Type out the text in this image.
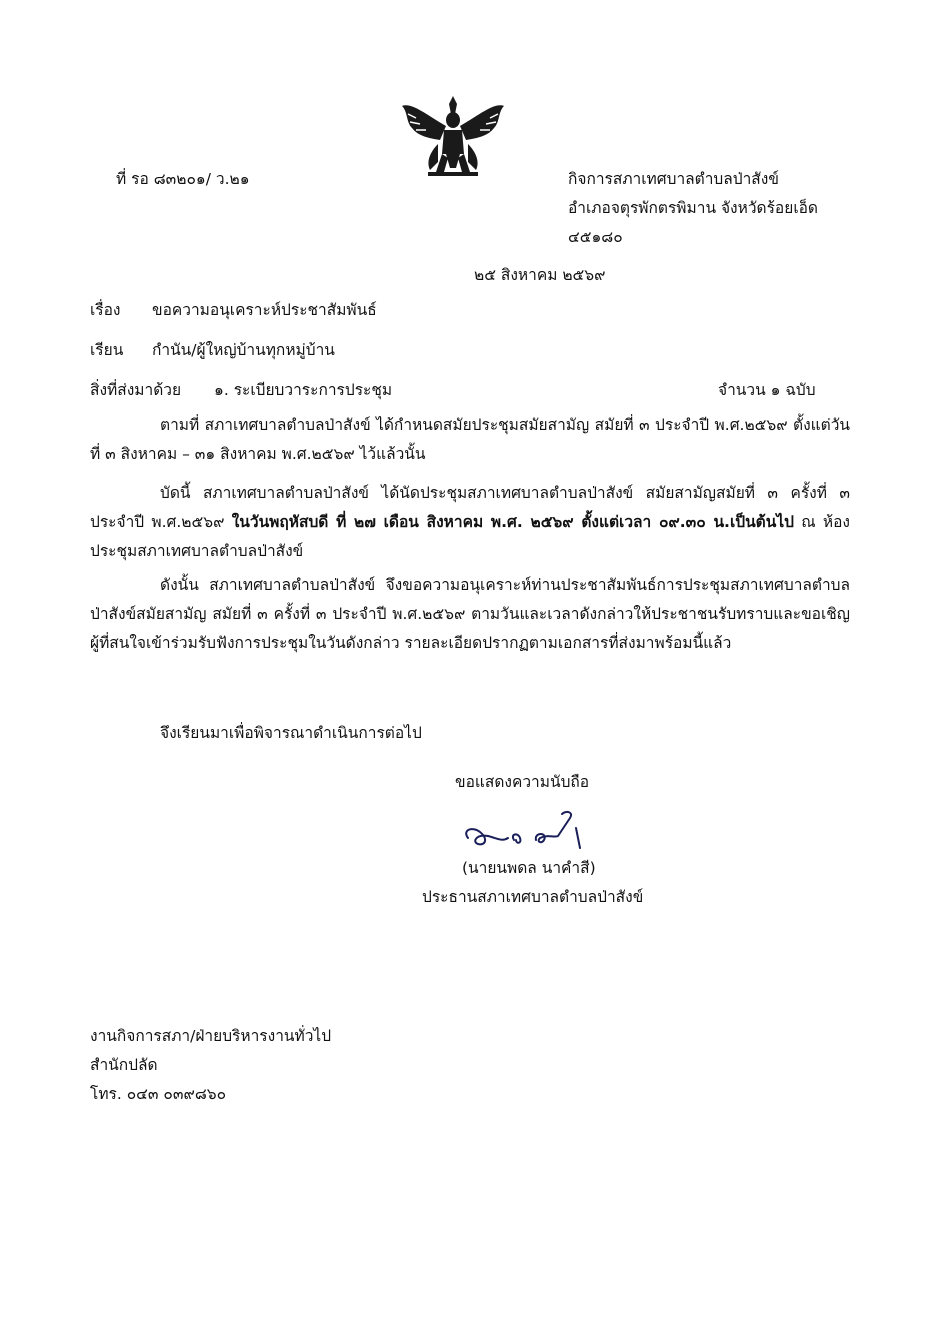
ที่ รอ ๘๓๒๐๑/ ว.๒๑	กิจการสภาเทศบาลตำบลป่าสังข์
อำเภอจตุรพักตรพิมาน จังหวัดร้อยเอ็ด
๔๕๑๘๐
๒๕ สิงหาคม ๒๕๖๙
เรื่อง ขอความอนุเคราะห์ประชาสัมพันธ์
เรียน กำนัน/ผู้ใหญ่บ้านทุกหมู่บ้าน
สิ่งที่ส่งมาด้วย ๑. ระเบียบวาระการประชุม	จำนวน ๑ ฉบับ
ตามที่ สภาเทศบาลตำบลป่าสังข์ ได้กำหนดสมัยประชุมสมัยสามัญ สมัยที่ ๓ ประจำปี พ.ศ.๒๕๖๙ ตั้งแต่วันที่ ๓ สิงหาคม – ๓๑ สิงหาคม พ.ศ.๒๕๖๙ ไว้แล้วนั้น
บัดนี้ สภาเทศบาลตำบลป่าสังข์ ได้นัดประชุมสภาเทศบาลตำบลป่าสังข์ สมัยสามัญสมัยที่ ๓ ครั้งที่ ๓ ประจำปี พ.ศ.๒๕๖๙ ในวันพฤหัสบดี ที่ ๒๗ เดือน สิงหาคม พ.ศ. ๒๕๖๙ ตั้งแต่เวลา ๐๙.๓๐ น.เป็นต้นไป ณ ห้องประชุมสภาเทศบาลตำบลป่าสังข์
ดังนั้น สภาเทศบาลตำบลป่าสังข์ จึงขอความอนุเคราะห์ท่านประชาสัมพันธ์การประชุมสภาเทศบาลตำบลป่าสังข์สมัยสามัญ สมัยที่ ๓ ครั้งที่ ๓ ประจำปี พ.ศ.๒๕๖๙ ตามวันและเวลาดังกล่าวให้ประชาชนรับทราบและขอเชิญผู้ที่สนใจเข้าร่วมรับฟังการประชุมในวันดังกล่าว รายละเอียดปรากฏตามเอกสารที่ส่งมาพร้อมนี้แล้ว
จึงเรียนมาเพื่อพิจารณาดำเนินการต่อไป
ขอแสดงความนับถือ
(นายนพดล นาคำสี)
ประธานสภาเทศบาลตำบลป่าสังข์
งานกิจการสภา/ฝ่ายบริหารงานทั่วไป
สำนักปลัด
โทร. ๐๔๓ ๐๓๙๘๖๐
